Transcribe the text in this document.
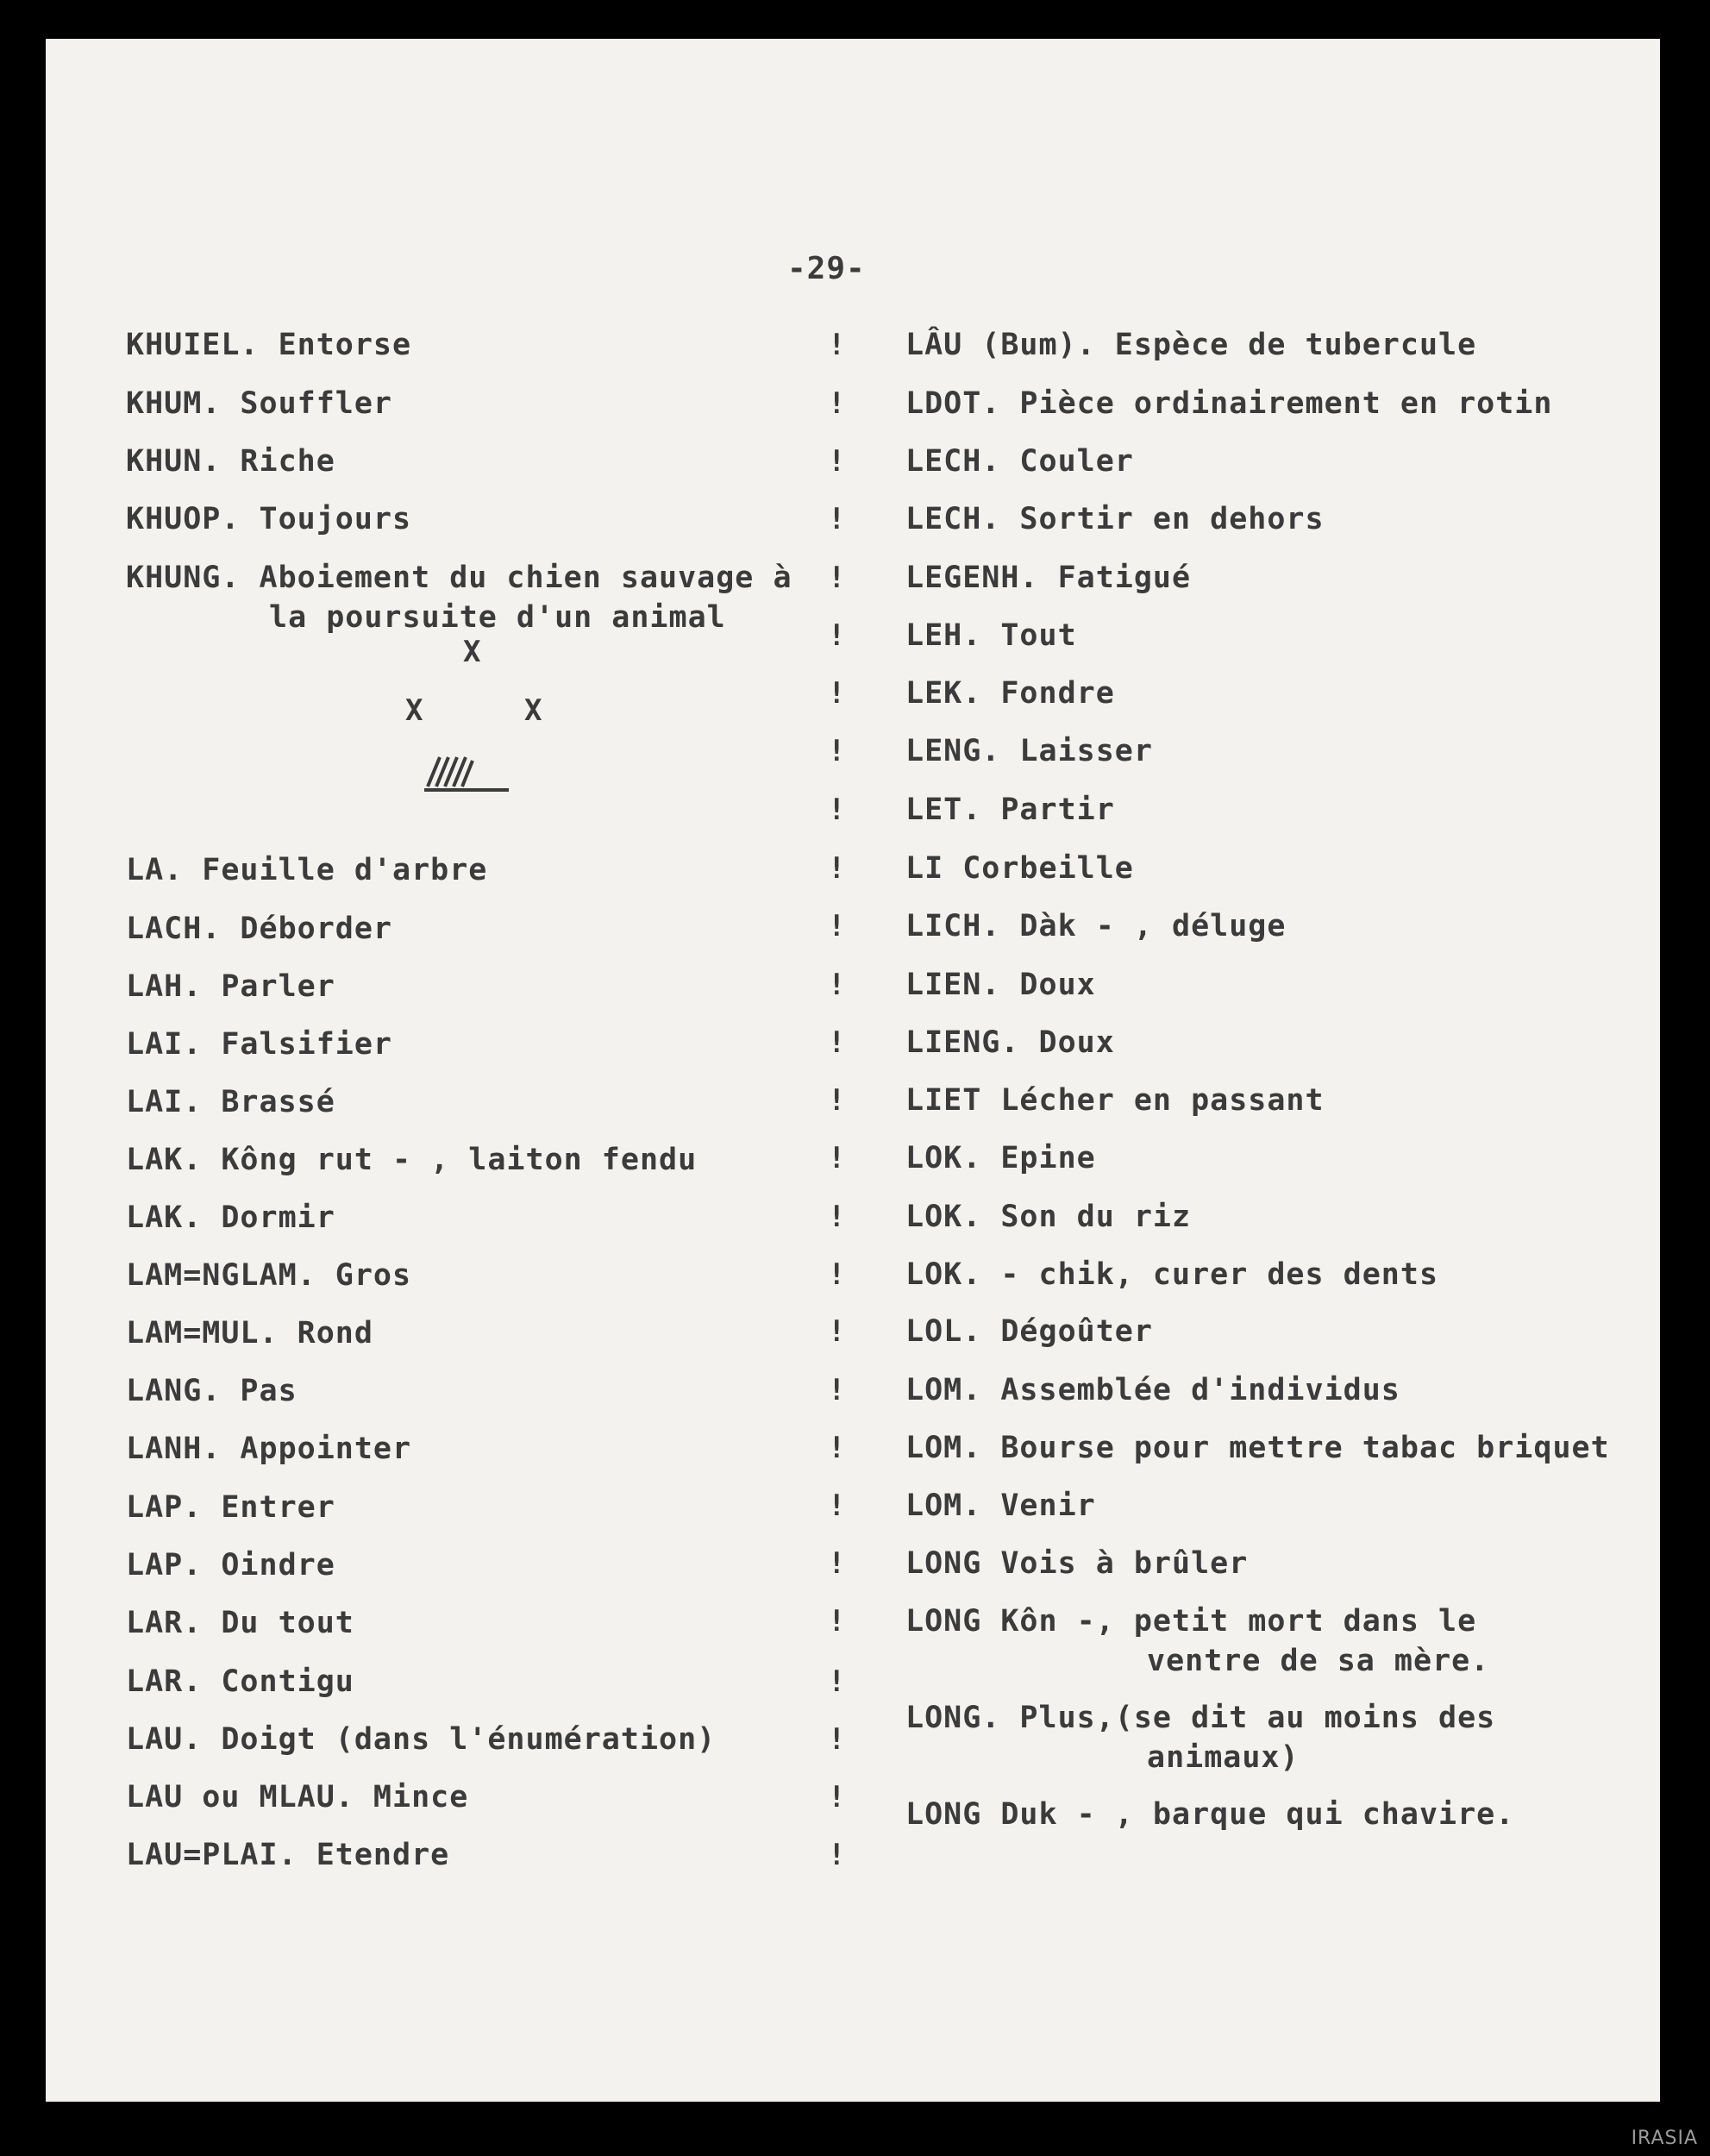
-29-
KHUIEL. Entorse
KHUM. Souffler
KHUN. Riche
KHUOP. Toujours
KHUNG. Aboiement du chien sauvage à
la poursuite d'un animal
LA. Feuille d'arbre
LACH. Déborder
LAH. Parler
LAI. Falsifier
LAI. Brassé
LAK. Kông rut - , laiton fendu
LAK. Dormir
LAM=NGLAM. Gros
LAM=MUL. Rond
LANG. Pas
LANH. Appointer
LAP. Entrer
LAP. Oindre
LAR. Du tout
LAR. Contigu
LAU. Doigt (dans l'énumération)
LAU ou MLAU. Mince
LAU=PLAI. Etendre
LÂU (Bum). Espèce de tubercule
LDOT. Pièce ordinairement en rotin
LECH. Couler
LECH. Sortir en dehors
LEGENH. Fatigué
LEH. Tout
LEK. Fondre
LENG. Laisser
LET. Partir
LI Corbeille
LICH. Dàk - , déluge
LIEN. Doux
LIENG. Doux
LIET Lécher en passant
LOK. Epine
LOK. Son du riz
LOK. - chik, curer des dents
LOL. Dégoûter
LOM. Assemblée d'individus
LOM. Bourse pour mettre tabac briquet
LOM. Venir
LONG Vois à brûler
LONG Kôn -, petit mort dans le
ventre de sa mère.
LONG. Plus,(se dit au moins des
animaux)
LONG Duk - , barque qui chavire.
!
!
!
!
!
!
!
!
!
!
!
!
!
!
!
!
!
!
!
!
!
!
!
!
!
!
!
X
X	X
IRASIA
